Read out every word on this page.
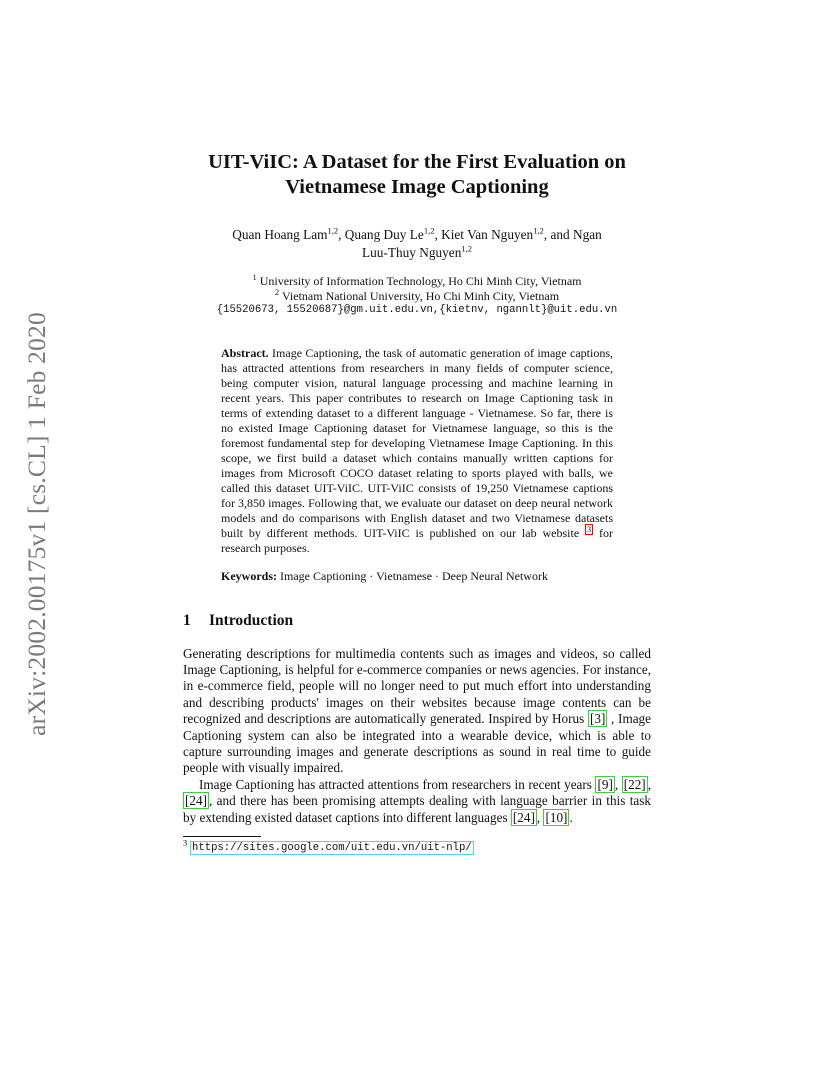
arXiv:2002.00175v1 [cs.CL] 1 Feb 2020
UIT-ViIC: A Dataset for the First Evaluation on
Vietnamese Image Captioning
Quan Hoang Lam$^{1,2}$, Quang Duy Le$^{1,2}$, Kiet Van Nguyen$^{1,2}$, and Ngan
Luu-Thuy Nguyen$^{1,2}$
$^1$ University of Information Technology, Ho Chi Minh City, Vietnam
$^2$ Vietnam National University, Ho Chi Minh City, Vietnam
{15520673, 15520687}@gm.uit.edu.vn,{kietnv, ngannlt}@uit.edu.vn
Abstract. Image Captioning, the task of automatic generation of image captions, has attracted attentions from researchers in many fields of computer science, being computer vision, natural language processing and machine learning in recent years. This paper contributes to research on Image Captioning task in terms of extending dataset to a different language - Vietnamese. So far, there is no existed Image Captioning dataset for Vietnamese language, so this is the foremost fundamental step for developing Vietnamese Image Captioning. In this scope, we first build a dataset which contains manually written captions for images from Microsoft COCO dataset relating to sports played with balls, we called this dataset UIT-ViIC. UIT-ViIC consists of 19,250 Vietnamese captions for 3,850 images. Following that, we evaluate our dataset on deep neural network models and do comparisons with English dataset and two Vietnamese datasets built by different methods. UIT-ViIC is published on our lab website $^3$ for research purposes.
Keywords: Image Captioning · Vietnamese · Deep Neural Network
1 Introduction

Generating descriptions for multimedia contents such as images and videos, so called Image Captioning, is helpful for e-commerce companies or news agencies. For instance, in e-commerce field, people will no longer need to put much effort into understanding and describing products' images on their websites because image contents can be recognized and descriptions are automatically generated. Inspired by Horus [3] , Image Captioning system can also be integrated into a wearable device, which is able to capture surrounding images and generate descriptions as sound in real time to guide people with visually impaired.

Image Captioning has attracted attentions from researchers in recent years [9] , [22] , [24] , and there has been promising attempts dealing with language barrier in this task by extending existed dataset captions into different languages [24] , [10] .

$^3$ https://sites.google.com/uit.edu.vn/uit-nlp/
